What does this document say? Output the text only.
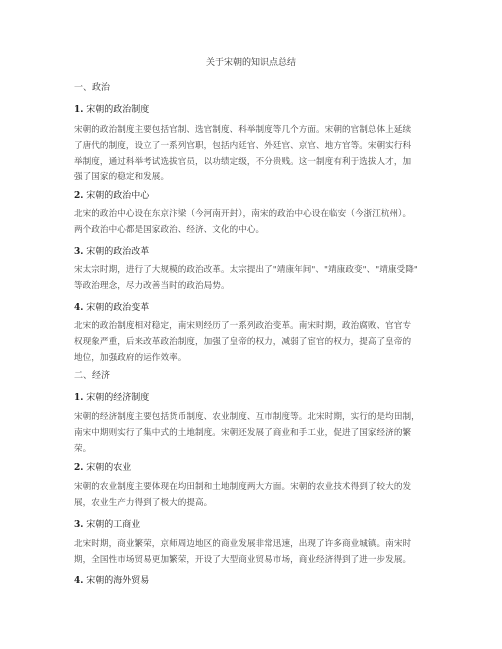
关于宋朝的知识点总结
一、政治
1. 宋朝的政治制度
宋朝的政治制度主要包括官制、选官制度、科举制度等几个方面。宋朝的官制总体上延续
了唐代的制度，设立了一系列官职，包括内廷官、外廷官、京官、地方官等。宋朝实行科
举制度，通过科举考试选拔官员，以功绩定级，不分贵贱。这一制度有利于选拔人才，加
强了国家的稳定和发展。
2. 宋朝的政治中心
北宋的政治中心设在东京汴梁（今河南开封），南宋的政治中心设在临安（今浙江杭州）。
两个政治中心都是国家政治、经济、文化的中心。
3. 宋朝的政治改革
宋太宗时期，进行了大规模的政治改革。太宗提出了"靖康年间"、"靖康政变"、"靖康受降"
等政治理念，尽力改善当时的政治局势。
4. 宋朝的政治变革
北宋的政治制度相对稳定，南宋则经历了一系列政治变革。南宋时期，政治腐败、官官专
权现象严重，后来改革政治制度，加强了皇帝的权力，减弱了宦官的权力，提高了皇帝的
地位，加强政府的运作效率。
二、经济
1. 宋朝的经济制度
宋朝的经济制度主要包括货币制度、农业制度、互市制度等。北宋时期，实行的是均田制，
南宋中期则实行了集中式的土地制度。宋朝还发展了商业和手工业，促进了国家经济的繁
荣。
2. 宋朝的农业
宋朝的农业制度主要体现在均田制和土地制度两大方面。宋朝的农业技术得到了较大的发
展，农业生产力得到了极大的提高。
3. 宋朝的工商业
北宋时期，商业繁荣，京师周边地区的商业发展非常迅速，出现了许多商业城镇。南宋时
期，全国性市场贸易更加繁荣，开设了大型商业贸易市场，商业经济得到了进一步发展。
4. 宋朝的海外贸易
